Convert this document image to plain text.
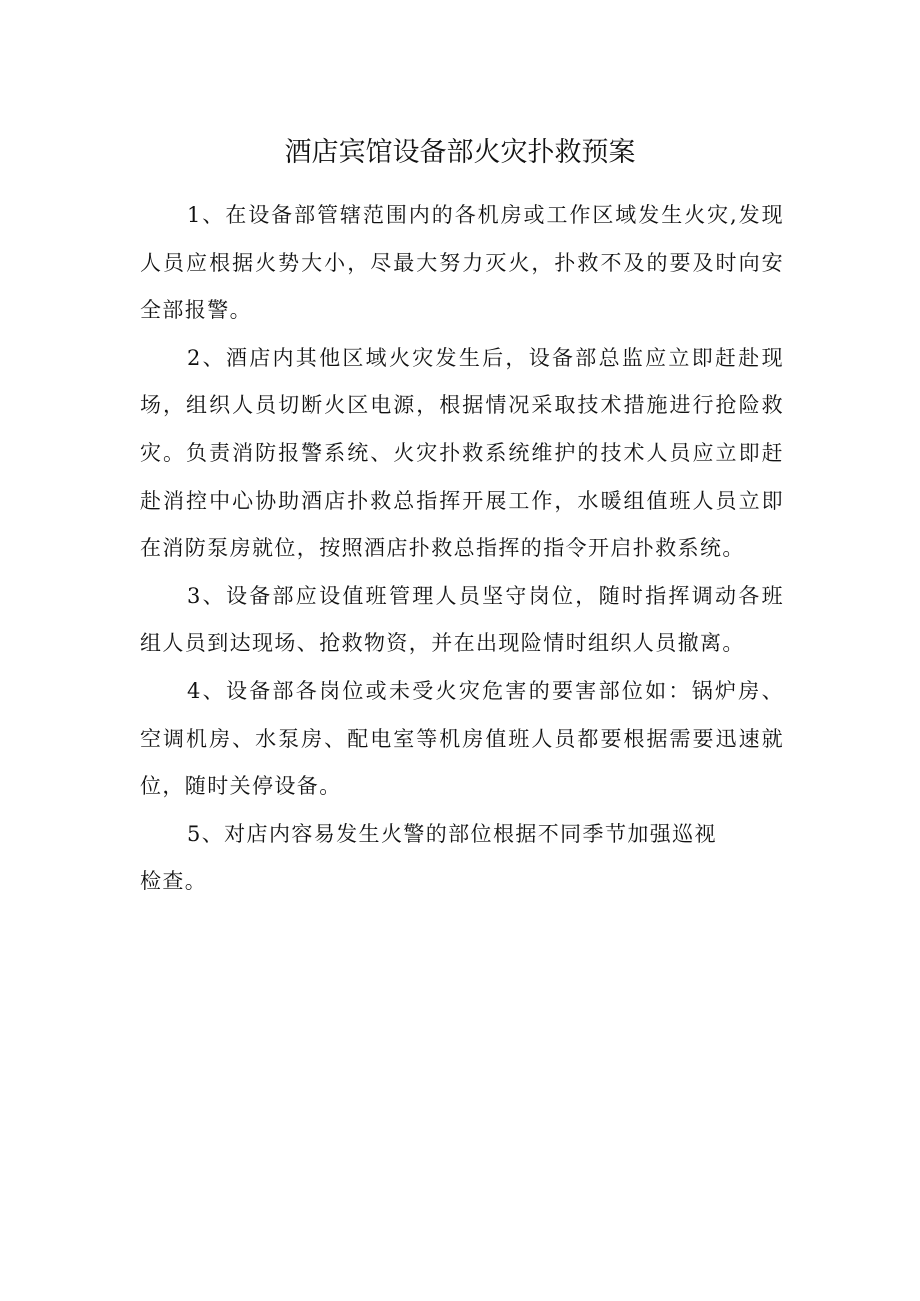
酒店宾馆设备部火灾扑救预案

1、在设备部管辖范围内的各机房或工作区域发生火灾,发现人员应根据火势大小，尽最大努力灭火，扑救不及的要及时向安全部报警。

2、酒店内其他区域火灾发生后，设备部总监应立即赶赴现场，组织人员切断火区电源，根据情况采取技术措施进行抢险救灾。负责消防报警系统、火灾扑救系统维护的技术人员应立即赶赴消控中心协助酒店扑救总指挥开展工作，水暖组值班人员立即在消防泵房就位，按照酒店扑救总指挥的指令开启扑救系统。

3、设备部应设值班管理人员坚守岗位，随时指挥调动各班组人员到达现场、抢救物资，并在出现险情时组织人员撤离。

4、设备部各岗位或未受火灾危害的要害部位如：锅炉房、空调机房、水泵房、配电室等机房值班人员都要根据需要迅速就位，随时关停设备。

5、对店内容易发生火警的部位根据不同季节加强巡视

检查。
